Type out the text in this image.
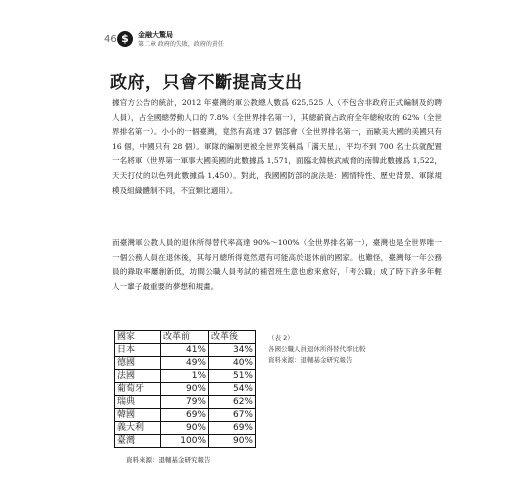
46 $	金融大驚局
第二章 政府的失敗，政府的責任
政府，只會不斷提高支出

據官方公告的統計，2012 年臺灣的軍公教總人數爲 625,525 人（不包含非政府正式編制及約聘人員），占全國總勞動人口的 7.8%（全世界排名第一），其總薪資占政府全年總稅收的 62%（全世界排名第一）。小小的一個臺灣，竟然有高達 37 個部會（全世界排名第一，而歐美大國的美國只有 16 個，中國只有 28 個）。軍隊的編制更被全世界笑稱爲「滿天星」，平均不到 700 名士兵就配置一名將軍（世界第一軍事大國美國的此數據爲 1,571，面臨北韓核武威脅的南韓此數據爲 1,522，天天打仗的以色列此數據爲 1,450）。對此，我國國防部的說法是：國情特性、歷史背景、軍隊規模及組織體制不同，不宜類比適用）。

而臺灣軍公教人員的退休所得替代率高達 90%～100%（全世界排名第一），臺灣也是全世界唯一一個公務人員在退休後，其每月總所得竟然還有可能高於退休前的國家。也難怪，臺灣每一年公務員的錄取率屢創新低，坊間公職人員考試的補習班生意也愈來愈好，「考公職」成了時下許多年輕人一輩子最重要的夢想和規畫。

國家	改革前	改革後
日本	41%	34%
德國	49%	40%
法國	1%	51%
葡萄牙	90%	54%
瑞典	79%	62%
韓國	69%	67%
義大利	90%	69%
臺灣	100%	90%
資料來源：退輔基金研究報告
（表 2）
各國公職人員退休所得替代率比較
資料來源：退輔基金研究報告
